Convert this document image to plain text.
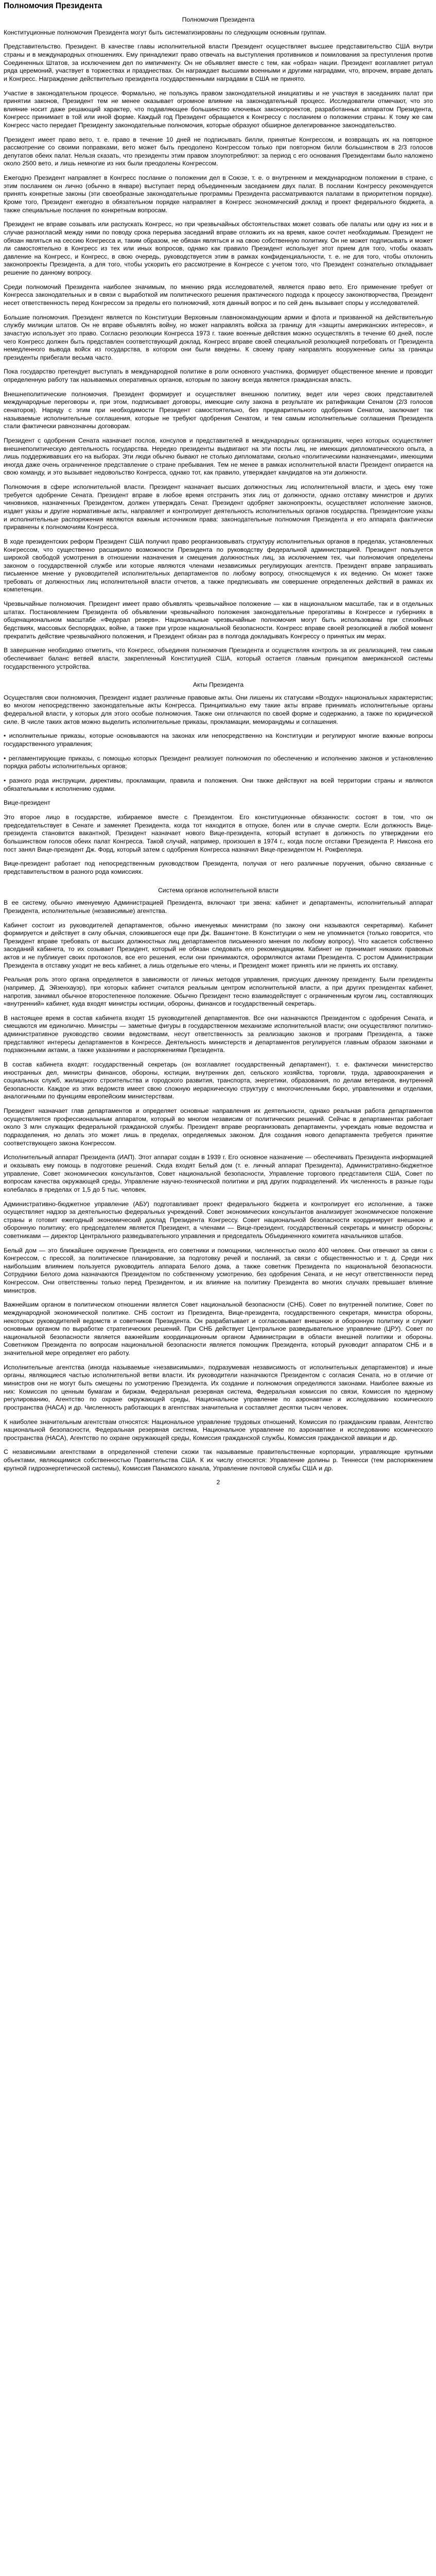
Полномочия Президента
Полномочия Президента

Конституционные полномочия Президента могут быть систематизированы по следующим основным группам.

Представительство. Президент. В качестве главы исполнительной власти Президент осуществляет высшее представительство США внутри страны и в международных отношениях. Ему принадлежит право отвечать на выступления противников и помилования за преступления против Соединенных Штатов, за исключением дел по импичменту. Он не объявляет вместе с тем, как «образ» нации. Президент возглавляет ритуал ряда церемоний, участвует в торжествах и празднествах. Он награждает высшими военными и другими наградами, что, впрочем, вправе делать и Конгресс. Награждение действительно президента государственными наградами в США не принято.

Участие в законодательном процессе. Формально, не пользуясь правом законодательной инициативы и не участвуя в заседаниях палат при принятии законов, Президент тем не менее оказывает огромное влияние на законодательный процесс. Исследователи отмечают, что это влияние носит даже решающий характер, что подавляющее большинство ключевых законопроектов, разработанных аппаратом Президента, Конгресс принимает в той или иной форме. Каждый год Президент обращается к Конгрессу с посланием о положении страны. К тому же сам Конгресс часто передает Президенту законодательные полномочия, которые образуют обширное делегированное законодательство.

Президент имеет право вето, т. е. право в течение 10 дней не подписывать билли, принятые Конгрессом, и возвращать их на повторное рассмотрение со своими поправками, вето может быть преодолено Конгрессом только при повторном билли большинством в 2/3 голосов депутатов обеих палат. Нельзя сказать, что президенты этим правом злоупотребляют: за период с его основания Президентами было наложено около 2500 вето, и лишь немногие из них были преодолены Конгрессом.

Ежегодно Президент направляет в Конгресс послание о положении дел в Союзе, т. е. о внутреннем и международном положении в стране, с этим посланием он лично (обычно в январе) выступает перед объединенным заседанием двух палат. В послании Конгрессу рекомендуется принять конкретные законы (эти своеобразные законодательные программы Президента рассматриваются палатами в приоритетном порядке). Кроме того, Президент ежегодно в обязательном порядке направляет в Конгресс экономический доклад и проект федерального бюджета, а также специальные послания по конкретным вопросам.

Президент не вправе созывать или распускать Конгресс, но при чрезвычайных обстоятельствах может созвать обе палаты или одну из них и в случае разногласий между ними по поводу срока перерыва заседаний вправе отложить их на время, какое сочтет необходимым. Президент не обязан являться на сессию Конгресса и, таким образом, не обязан являться и на свою собственную политику. Он не может подписывать и может ли самостоятельно в Конгресс из тех или иных вопросов, однако как правило Президент использует этот прием для того, чтобы оказать давление на Конгресс, и Конгресс, в свою очередь, руководствуется этим в рамках конфиденциальности, т. е. не для того, чтобы отклонить законопроекты Президента, а для того, чтобы ускорить его рассмотрение в Конгрессе с учетом того, что Президент сознательно откладывает решение по данному вопросу.

Среди полномочий Президента наиболее значимым, по мнению ряда исследователей, является право вето. Его применение требует от Конгресса законодательных и в связи с выработкой им политического решения практического подхода к процессу законотворчества, Президент несет ответственность перед Конгрессом за пределы его полномочий, хотя данный вопрос и по сей день вызывает споры у исследователей.

Большие полномочия. Президент является по Конституции Верховным главнокомандующим армии и флота и призванной на действительную службу милиции штатов. Он не вправе объявлять войну, но может направлять войска за границу для «защиты американских интересов», и зачастую использует это право. Согласно резолюции Конгресса 1973 г. такие военные действия можно осуществлять в течение 60 дней, после чего Конгресс должен быть представлен соответствующий доклад. Конгресс вправе своей специальной резолюцией потребовать от Президента немедленного вывода войск из государства, в котором они были введены. К своему праву направлять вооруженные силы за границы президенты прибегали весьма часто.

Пока государство претендует выступать в международной политике в роли основного участника, формирует общественное мнение и проводит определенную работу так называемых оперативных органов, которым по закону всегда является гражданская власть.

Внешнеполитические полномочия. Президент формирует и осуществляет внешнюю политику, ведет или через своих представителей международные переговоры и, при этом, подписывает договоры, имеющие силу закона в результате их ратификации Сенатом (2/3 голосов сенаторов). Наряду с этим при необходимости Президент самостоятельно, без предварительного одобрения Сенатом, заключает так называемые исполнительные соглашения, которые не требуют одобрения Сенатом, и тем самым исполнительные соглашения Президента стали фактически равнозначны договорам.

Президент с одобрения Сената назначает послов, консулов и представителей в международных организациях, через которых осуществляет внешнеполитическую деятельность государства. Нередко президенты выдвигают на эти посты лиц, не имеющих дипломатического опыта, а лишь поддерживавших его на выборах. Эти люди обычно бывают не столько дипломатами, сколько «политическими назначенцами», имеющими иногда даже очень ограниченное представление о стране пребывания. Тем не менее в рамках исполнительной власти Президент опирается на свою команду, и это вызывает недовольство Конгресса, однако тот, как правило, утверждает кандидатов на эти должности.

Полномочия в сфере исполнительной власти. Президент назначает высших должностных лиц исполнительной власти, и здесь ему тоже требуется одобрение Сената. Президент вправе в любое время отстранить этих лиц от должности, однако отставку министров и других чиновников, назначенных Президентом, должен утверждать Сенат. Президент одобряет законопроекты, осуществляет исполнение законов, издает указы и другие нормативные акты, направляет и контролирует деятельность исполнительных органов государства. Президентские указы и исполнительные распоряжения являются важным источником права: законодательные полномочия Президента и его аппарата фактически приравнены к полномочиям Конгресса.

В ходе президентских реформ Президент США получил право реорганизовывать структуру исполнительных органов в пределах, установленных Конгрессом, что существенно расширило возможности Президента по руководству федеральной администрацией. Президент пользуется широкой свободой усмотрения в отношении назначения и смещения должностных лиц, за исключением тех, чьи полномочия определены законом о государственной службе или которые являются членами независимых регулирующих агентств. Президент вправе запрашивать письменное мнение у руководителей исполнительных департаментов по любому вопросу, относящемуся к их ведению. Он может также требовать от должностных лиц исполнительной власти отчетов, а также предписывать им совершение определенных действий в рамках их компетенции.

Чрезвычайные полномочия. Президент имеет право объявлять чрезвычайное положение — как в национальном масштабе, так и в отдельных штатах. Постановлением Президента об объявлении чрезвычайного положения законодательные прерогативы в Конгрессе и губерниях в общенациональном масштабе «Федерал резерв». Национальные чрезвычайные полномочия могут быть использованы при стихийных бедствиях, массовых беспорядках, войне, а также при угрозе национальной безопасности. Конгресс вправе своей резолюцией в любой момент прекратить действие чрезвычайного положения, и Президент обязан раз в полгода докладывать Конгрессу о принятых им мерах.

В завершение необходимо отметить, что Конгресс, объединяя полномочия Президента и осуществляя контроль за их реализацией, тем самым обеспечивает баланс ветвей власти, закрепленный Конституцией США, который остается главным принципом американской системы государственного устройства.

Акты Президента

Осуществляя свои полномочия, Президент издает различные правовые акты. Они лишены их статусами «Воздух» национальных характеристик; во многом непосредственно законодательные акты Конгресса. Принципиально ему такие акты вправе принимать исполнительные органы федеральной власти, у которых для этого особые полномочия. Также они отличаются по своей форме и содержанию, а также по юридической силе. В числе таких актов можно выделить исполнительные приказы, прокламации, меморандумы и соглашения.

• исполнительные приказы, которые основываются на законах или непосредственно на Конституции и регулируют многие важные вопросы государственного управления;

• регламентирующие приказы, с помощью которых Президент реализует полномочия по обеспечению и исполнению законов и установлению порядка работы исполнительных органов;

• разного рода инструкции, директивы, прокламации, правила и положения. Они также действуют на всей территории страны и являются обязательными к исполнению судами.

Вице-президент

Это второе лицо в государстве, избираемое вместе с Президентом. Его конституционные обязанности: состоят в том, что он председательствует в Сенате и заменяет Президента, когда тот находится в отпуске, болен или в случае смерти. Если должность Вице-президента становится вакантной, Президент назначает нового Вице-президента, который вступает в должность по утверждении его большинством голосов обеих палат Конгресса. Такой случай, например, произошел в 1974 г., когда после отставки Президента Р. Никсона его пост занял Вице-президент Дж. Форд, который затем с одобрения Конгресса назначил Вице-президентом Н. Рокфеллера.

Вице-президент работает под непосредственным руководством Президента, получая от него различные поручения, обычно связанные с представительством в разного рода комиссиях.

Система органов исполнительной власти

В ее систему, обычно именуемую Администрацией Президента, включают три звена: кабинет и департаменты, исполнительный аппарат Президента, исполнительные (независимые) агентства.

Кабинет состоит из руководителей департаментов, обычно именуемых министрами (по закону они называются секретарями). Кабинет формируется и действует в силу обычая, сложившегося еще при Дж. Вашингтоне. В Конституции о нем не упоминается (только говорится, что Президент вправе требовать от высших должностных лиц департаментов письменного мнения по любому вопросу). Что касается собственно заседаний кабинета, то их созывает Президент, который не обязан следовать его рекомендациям. Кабинет не принимает никаких правовых актов и не публикует своих протоколов, все его решения, если они принимаются, оформляются актами Президента. С ростом Администрации Президента в отставку уходит не весь кабинет, а лишь отдельные его члены, и Президент может принять или не принять их отставку.

Реальная роль этого органа определяется в зависимости от личных методов управления, присущих данному президенту. Были президенты (например, Д. Эйзенхауэр), при которых кабинет считался реальным центром исполнительной власти, а при других президентах кабинет, напротив, занимал обычное второстепенное положение. Обычно Президент тесно взаимодействует с ограниченным кругом лиц, составляющих «внутренний» кабинет, куда входят министры юстиции, обороны, финансов и государственный секретарь.

В настоящее время в состав кабинета входят 15 руководителей департаментов. Все они назначаются Президентом с одобрения Сената, и смещаются им единолично. Министры — заметные фигуры в государственном механизме исполнительной власти; они осуществляют политико-административное руководство своими ведомствами, несут ответственность за реализацию законов и программ Президента, а также представляют интересы департаментов в Конгрессе. Деятельность министерств и департаментов регулируется главным образом законами и подзаконными актами, а также указаниями и распоряжениями Президента.

В состав кабинета входят: государственный секретарь (он возглавляет государственный департамент), т. е. фактически министерство иностранных дел, министры финансов, обороны, юстиции, внутренних дел, сельского хозяйства, торговли, труда, здравоохранения и социальных служб, жилищного строительства и городского развития, транспорта, энергетики, образования, по делам ветеранов, внутренней безопасности. Каждое из этих ведомств имеет свою сложную иерархическую структуру с многочисленными бюро, управлениями и отделами, аналогичными по функциям европейским министерствам.

Президент назначает глав департаментов и определяет основные направления их деятельности, однако реальная работа департаментов осуществляется профессиональным аппаратом, который во многом независим от политических решений. Сейчас в департаментах работает около 3 млн служащих федеральной гражданской службы. Президент вправе реорганизовать департаменты, учреждать новые ведомства и подразделения, но делать это может лишь в пределах, определяемых законом. Для создания нового департамента требуется принятие соответствующего закона Конгрессом.

Исполнительный аппарат Президента (ИАП). Этот аппарат создан в 1939 г. Его основное назначение — обеспечивать Президента информацией и оказывать ему помощь в подготовке решений. Сюда входят Белый дом (т. е. личный аппарат Президента), Административно-бюджетное управление, Совет экономических консультантов, Совет национальной безопасности, Управление торгового представителя США, Совет по вопросам качества окружающей среды, Управление научно-технической политики и ряд других подразделений. Их численность в разные годы колебалась в пределах от 1,5 до 5 тыс. человек.

Административно-бюджетное управление (АБУ) подготавливает проект федерального бюджета и контролирует его исполнение, а также осуществляет надзор за деятельностью федеральных учреждений. Совет экономических консультантов анализирует экономическое положение страны и готовит ежегодный экономический доклад Президента Конгрессу. Совет национальной безопасности координирует внешнюю и оборонную политику; его председателем является Президент, а членами — Вице-президент, государственный секретарь и министр обороны; советниками — директор Центрального разведывательного управления и председатель Объединенного комитета начальников штабов.

Белый дом — это ближайшее окружение Президента, его советники и помощники, численностью около 400 человек. Они отвечают за связи с Конгрессом, с прессой, за политическое планирование, за подготовку речей и посланий, за связи с общественностью и т. д. Среди них наибольшим влиянием пользуется руководитель аппарата Белого дома, а также советник Президента по национальной безопасности. Сотрудники Белого дома назначаются Президентом по собственному усмотрению, без одобрения Сената, и не несут ответственности перед Конгрессом. Они ответственны только перед Президентом, и их влияние на политику Президента во многих случаях превышает влияние министров.

Важнейшим органом в политическом отношении является Совет национальной безопасности (СНБ). Совет по внутренней политике, Совет по международной экономической политике. СНБ состоит из Президента, Вице-президента, государственного секретаря, министра обороны, некоторых руководителей ведомств и советников Президента. Он разрабатывает и согласовывает внешнюю и оборонную политику и служит основным органом по выработке стратегических решений. При СНБ действует Центральное разведывательное управление (ЦРУ). Совет по национальной безопасности является важнейшим координационным органом Администрации в области внешней политики и обороны. Советником Президента по вопросам национальной безопасности является помощник Президента, который руководит аппаратом СНБ и в значительной мере определяет его работу.

Исполнительные агентства (иногда называемые «независимыми», подразумевая независимость от исполнительных департаментов) и иные органы, являющиеся частью исполнительной ветви власти. Их руководители назначаются Президентом с согласия Сената, но в отличие от министров они не могут быть смещены по усмотрению Президента. Их создание и полномочия определяются законами. Наиболее важные из них: Комиссия по ценным бумагам и биржам, Федеральная резервная система, Федеральная комиссия по связи, Комиссия по ядерному регулированию, Агентство по охране окружающей среды, Национальное управление по аэронавтике и исследованию космического пространства (НАСА) и др. Численность работающих в агентствах значительна и составляет десятки тысяч человек.

К наиболее значительным агентствам относятся: Национальное управление трудовых отношений, Комиссия по гражданским правам, Агентство национальной безопасности, Федеральная резервная система, Национальное управление по аэронавтике и исследованию космического пространства (НАСА), Агентство по охране окружающей среды, Комиссия гражданской службы, Комиссия гражданской авиации и др.

С независимыми агентствами в определенной степени схожи так называемые правительственные корпорации, управляющие крупными объектами, являющимися собственностью Правительства США. К их числу относятся: Управление долины р. Теннесси (тем распоряжением крупной гидроэнергетической системы), Комиссия Панамского канала, Управление почтовой службы США и др.

2
